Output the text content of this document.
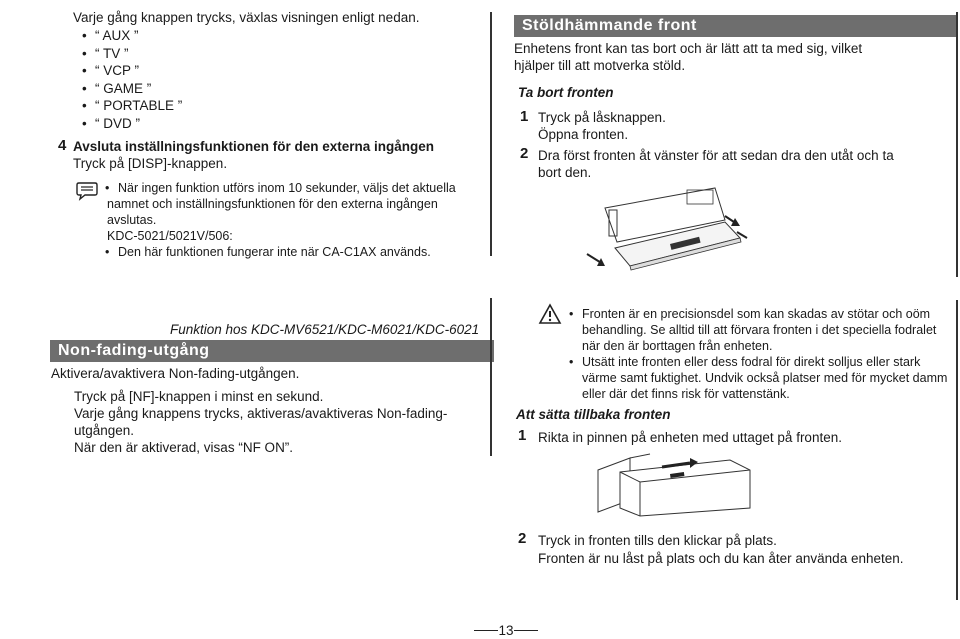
Varje gång knappen trycks, växlas visningen enligt nedan.
• “ AUX ”
• “ TV ”
• “ VCP ”
• “ GAME ”
• “ PORTABLE ”
• “ DVD ”
4 Avsluta inställningsfunktionen för den externa ingången
Tryck på [DISP]-knappen.
• När ingen funktion utförs inom 10 sekunder, väljs det aktuella
namnet och inställningsfunktionen för den externa ingången
avslutas.
KDC-5021/5021V/506:
• Den här funktionen fungerar inte när CA-C1AX används.
Stöldhämmande front
Enhetens front kan tas bort och är lätt att ta med sig, vilket
hjälper till att motverka stöld.
Ta bort fronten
1 Tryck på låsknappen.
Öppna fronten.
2 Dra först fronten åt vänster för att sedan dra den utåt och ta
bort den.
Funktion hos KDC-MV6521/KDC-M6021/KDC-6021
Non-fading-utgång
Aktivera/avaktivera Non-fading-utgången.
Tryck på [NF]-knappen i minst en sekund.
Varje gång knappens trycks, aktiveras/avaktiveras Non-fading-
utgången.
När den är aktiverad, visas “NF ON”.
• Fronten är en precisionsdel som kan skadas av stötar och oöm
behandling. Se alltid till att förvara fronten i det speciella fodralet
när den är borttagen från enheten.
• Utsätt inte fronten eller dess fodral för direkt solljus eller stark
värme samt fuktighet. Undvik också platser med för mycket damm
eller där det finns risk för vattenstänk.
Att sätta tillbaka fronten
1 Rikta in pinnen på enheten med uttaget på fronten.
2 Tryck in fronten tills den klickar på plats.
Fronten är nu låst på plats och du kan åter använda enheten.
13
